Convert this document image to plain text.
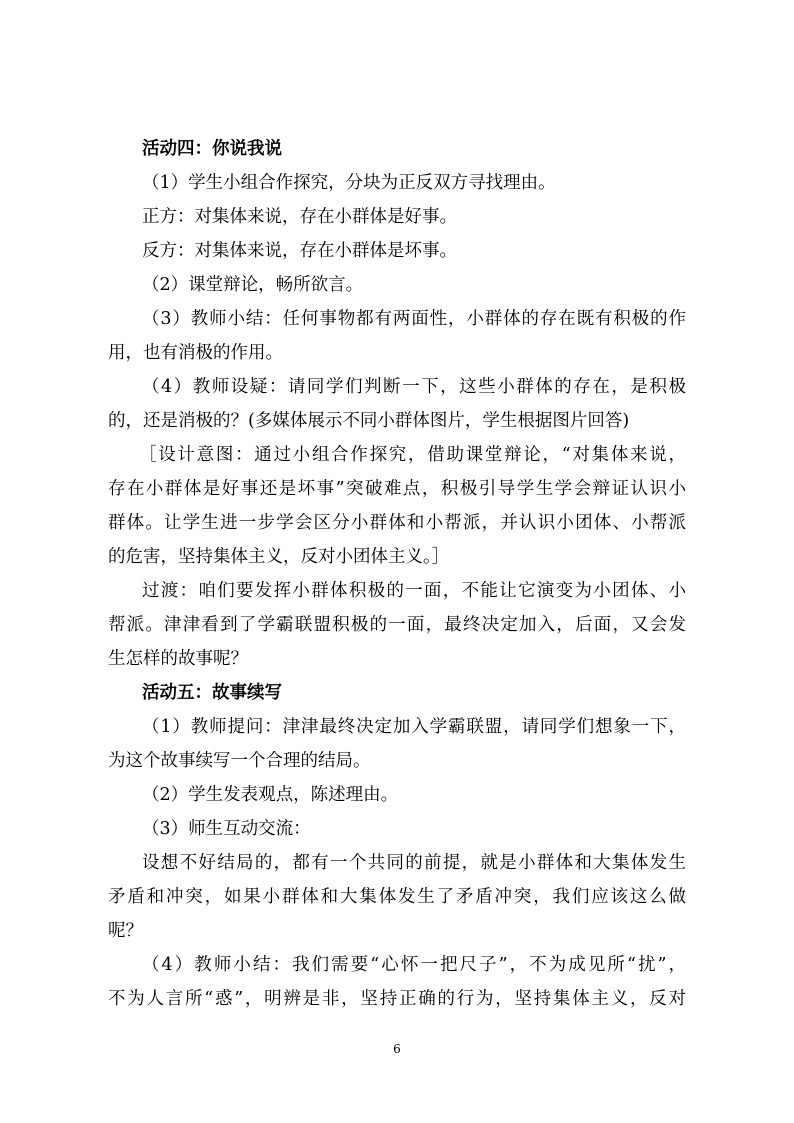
活动四：你说我说
（1）学生小组合作探究，分块为正反双方寻找理由。
正方：对集体来说，存在小群体是好事。
反方：对集体来说，存在小群体是坏事。
（2）课堂辩论，畅所欲言。
（3）教师小结：任何事物都有两面性，小群体的存在既有积极的作
用，也有消极的作用。
（4）教师设疑：请同学们判断一下，这些小群体的存在，是积极
的，还是消极的？(多媒体展示不同小群体图片，学生根据图片回答)
［设计意图：通过小组合作探究，借助课堂辩论，“对集体来说，
存在小群体是好事还是坏事”突破难点，积极引导学生学会辩证认识小
群体。让学生进一步学会区分小群体和小帮派，并认识小团体、小帮派
的危害，坚持集体主义，反对小团体主义。］
过渡：咱们要发挥小群体积极的一面，不能让它演变为小团体、小
帮派。津津看到了学霸联盟积极的一面，最终决定加入，后面，又会发
生怎样的故事呢？
活动五：故事续写
（1）教师提问：津津最终决定加入学霸联盟，请同学们想象一下，
为这个故事续写一个合理的结局。
（2）学生发表观点，陈述理由。
（3）师生互动交流：
设想不好结局的，都有一个共同的前提，就是小群体和大集体发生
矛盾和冲突，如果小群体和大集体发生了矛盾冲突，我们应该这么做
呢？
（4）教师小结：我们需要“心怀一把尺子”，不为成见所“扰”，
不为人言所“惑”，明辨是非，坚持正确的行为，坚持集体主义，反对
6
